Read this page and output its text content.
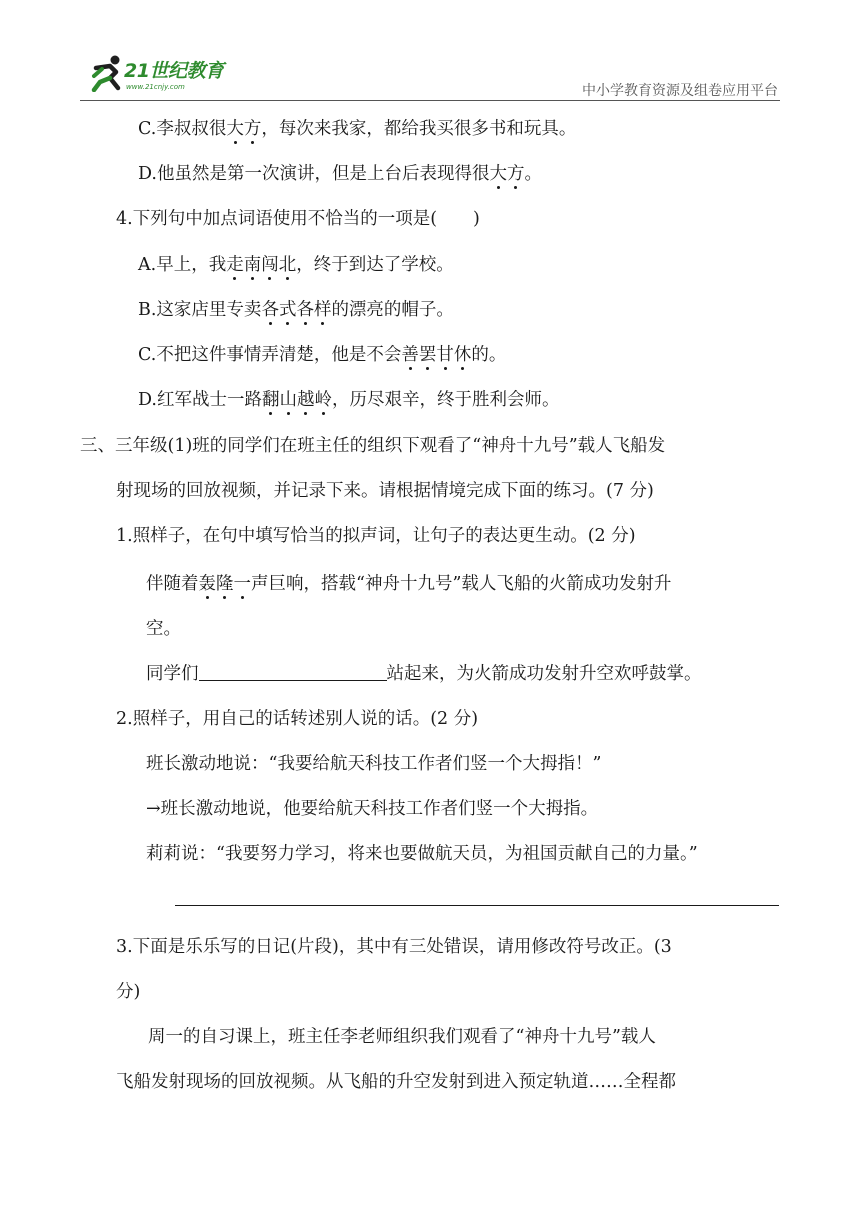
21世纪教育
www.21cnjy.com	中小学教育资源及组卷应用平台
C.李叔叔很大方，每次来我家，都给我买很多书和玩具。
D.他虽然是第一次演讲，但是上台后表现得很大方。
4.下列句中加点词语使用不恰当的一项是( )
A.早上，我走南闯北，终于到达了学校。
B.这家店里专卖各式各样的漂亮的帽子。
C.不把这件事情弄清楚，他是不会善罢甘休的。
D.红军战士一路翻山越岭，历尽艰辛，终于胜利会师。
三、三年级(1)班的同学们在班主任的组织下观看了“神舟十九号”载人飞船发
射现场的回放视频，并记录下来。请根据情境完成下面的练习。(7 分)
1.照样子，在句中填写恰当的拟声词，让句子的表达更生动。(2 分)
伴随着轰隆一声巨响，搭载“神舟十九号”载人飞船的火箭成功发射升
空。
同学们	站起来，为火箭成功发射升空欢呼鼓掌。
2.照样子，用自己的话转述别人说的话。(2 分)
班长激动地说：“我要给航天科技工作者们竖一个大拇指！”
→班长激动地说，他要给航天科技工作者们竖一个大拇指。
莉莉说：“我要努力学习，将来也要做航天员，为祖国贡献自己的力量。”
3.下面是乐乐写的日记(片段)，其中有三处错误，请用修改符号改正。(3
分)
周一的自习课上，班主任李老师组织我们观看了“神舟十九号”载人
飞船发射现场的回放视频。从飞船的升空发射到进入预定轨道……全程都
